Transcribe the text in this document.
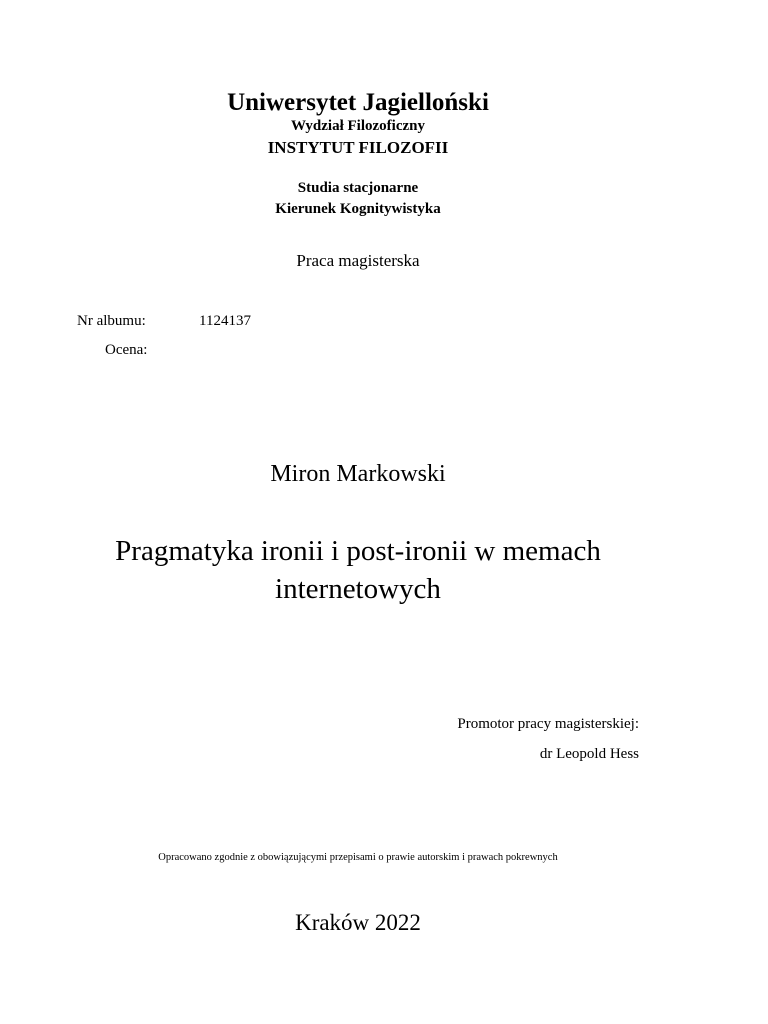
Uniwersytet Jagielloński
Wydział Filozoficzny
INSTYTUT FILOZOFII
Studia stacjonarne
Kierunek Kognitywistyka
Praca magisterska
Nr albumu:	1124137
Ocena:
Miron Markowski
Pragmatyka ironii i post-ironii w memach
internetowych
Promotor pracy magisterskiej:
dr Leopold Hess
Opracowano zgodnie z obowiązującymi przepisami o prawie autorskim i prawach pokrewnych
Kraków 2022
